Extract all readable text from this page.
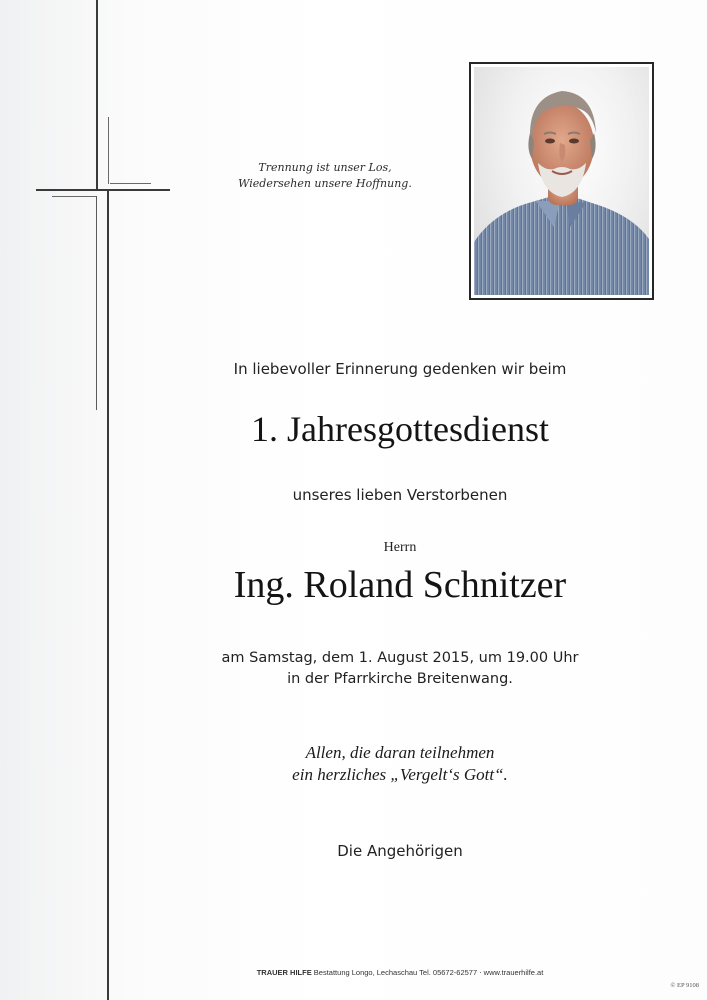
Trennung ist unser Los,
Wiedersehen unsere Hoffnung.
In liebevoller Erinnerung gedenken wir beim
1. Jahresgottesdienst
unseres lieben Verstorbenen
Herrn
Ing. Roland Schnitzer
am Samstag, dem 1. August 2015, um 19.00 Uhr
in der Pfarrkirche Breitenwang.
Allen, die daran teilnehmen
ein herzliches „Vergelt‘s Gott“.
Die Angehörigen
TRAUER HILFE Bestattung Longo, Lechaschau Tel. 05672-62577 ⋅ www.trauerhilfe.at
© EP 9108
